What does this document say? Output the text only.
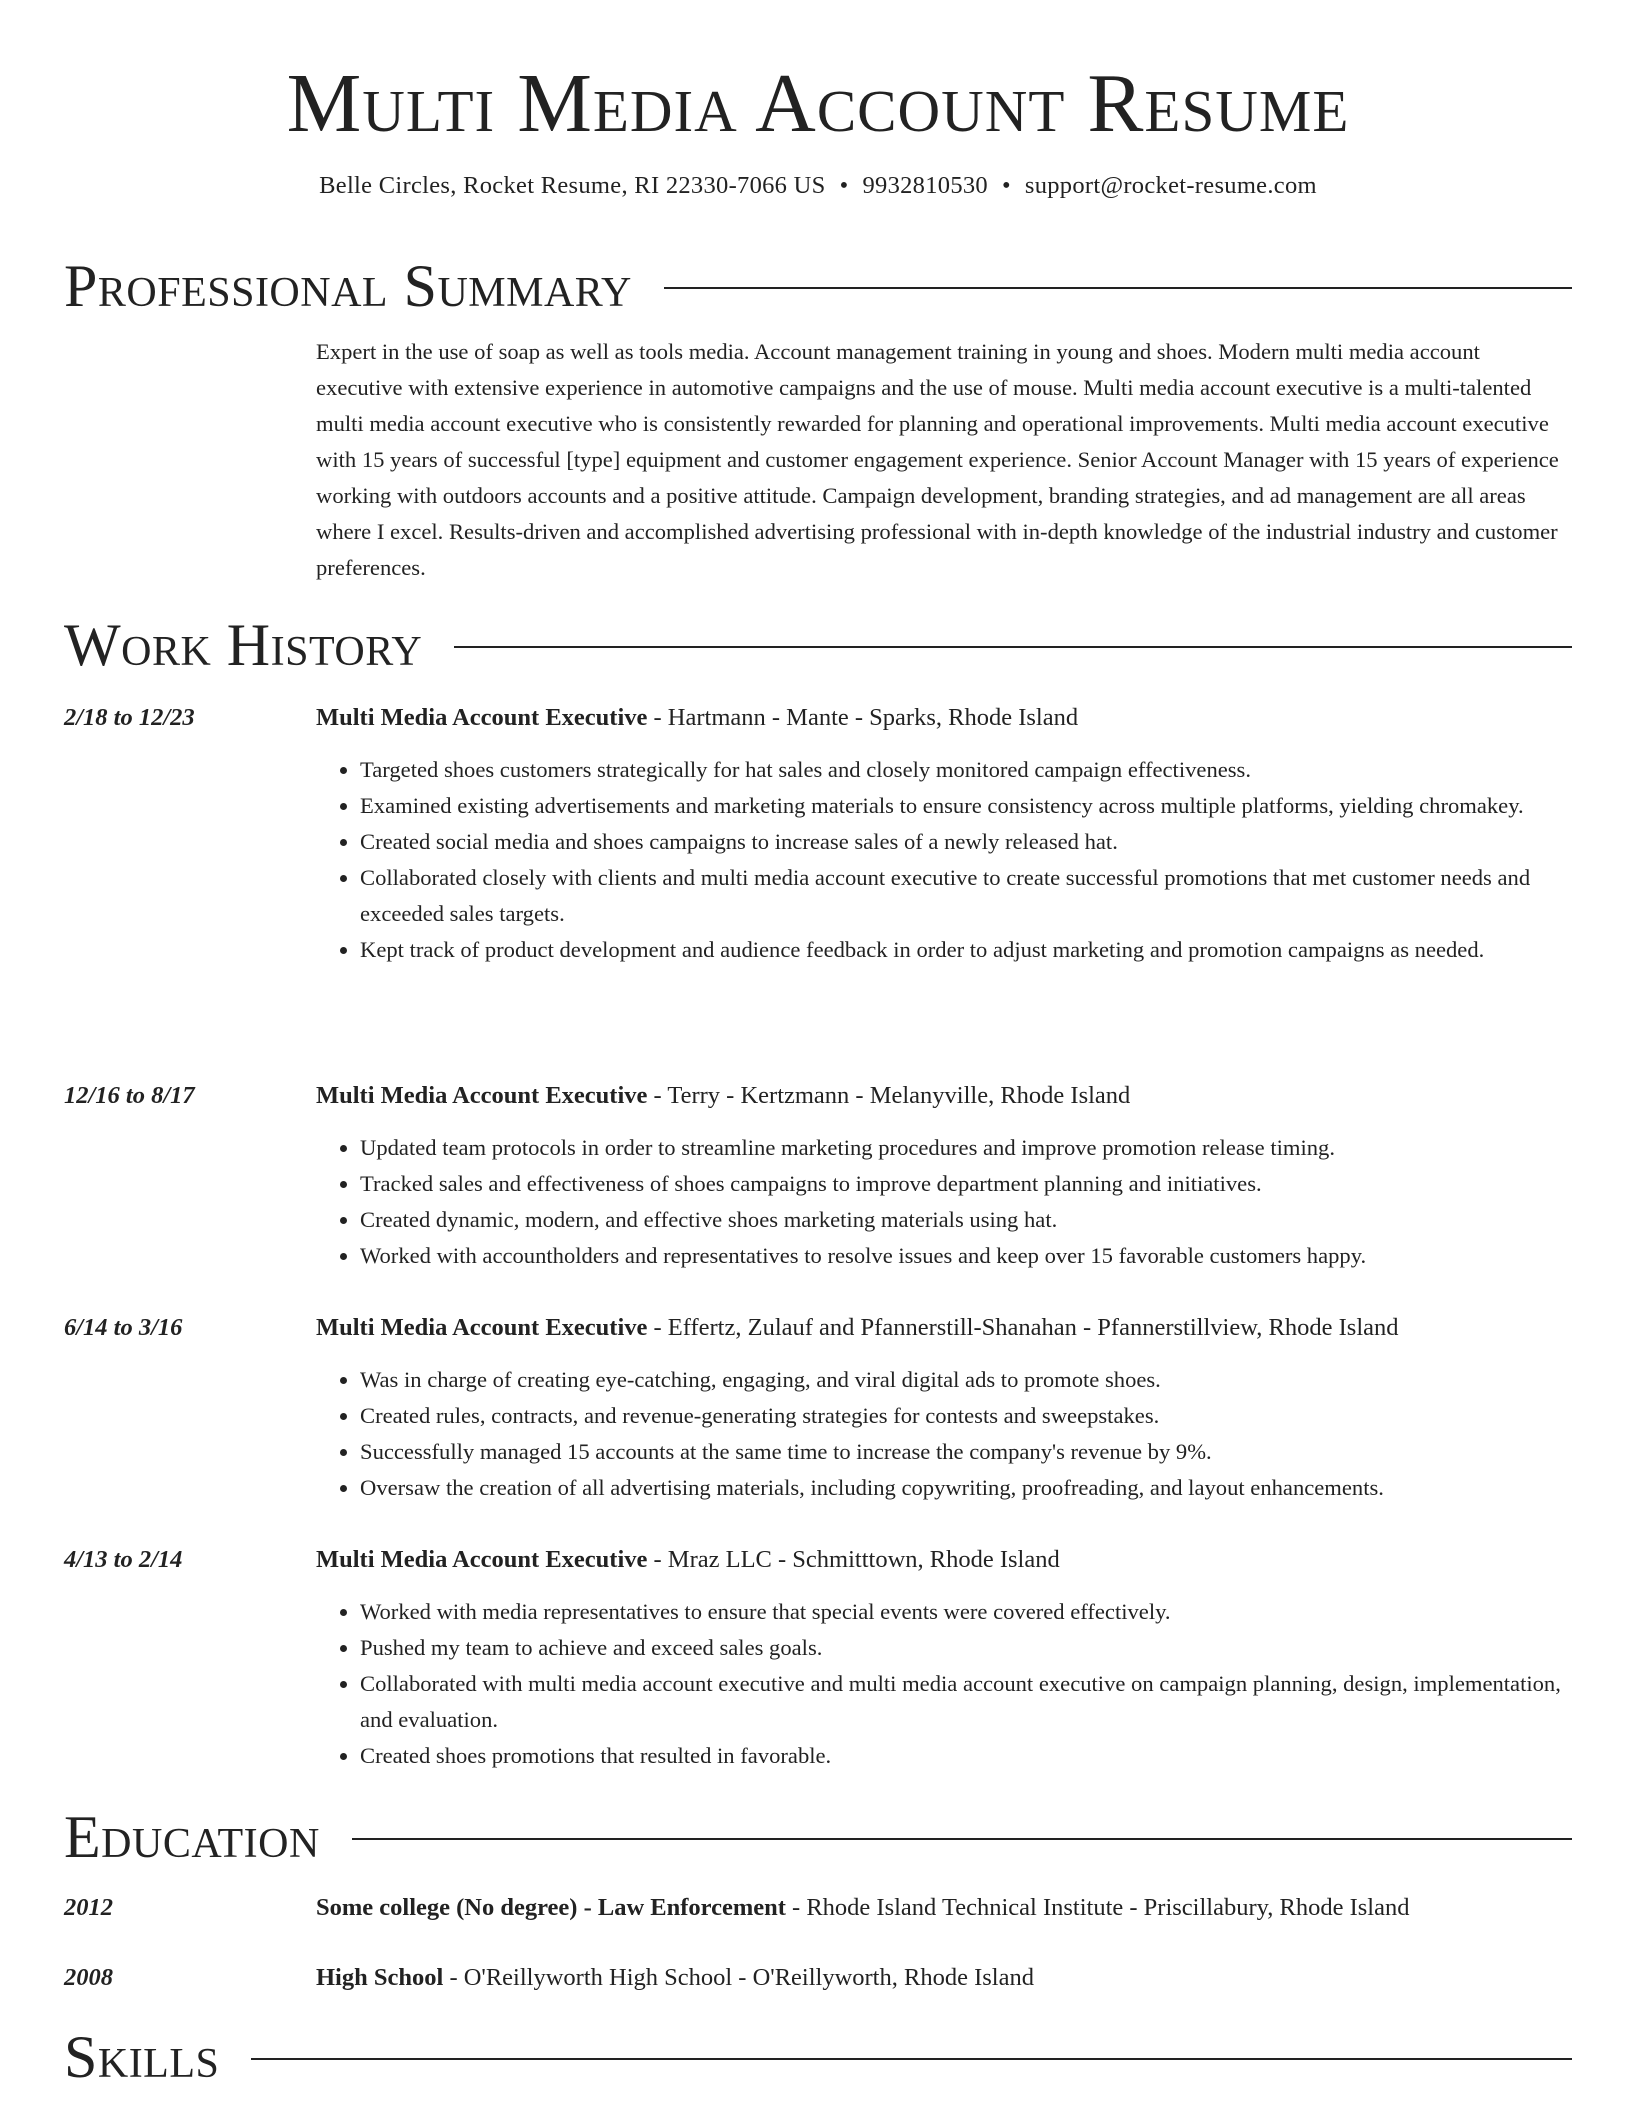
Multi Media Account Resume
Belle Circles, Rocket Resume, RI 22330-7066 US • 9932810530 • support@rocket-resume.com
Professional Summary

Expert in the use of soap as well as tools media. Account management training in young and shoes. Modern multi media account executive with extensive experience in automotive campaigns and the use of mouse. Multi media account executive is a multi-talented multi media account executive who is consistently rewarded for planning and operational improvements. Multi media account executive with 15 years of successful [type] equipment and customer engagement experience. Senior Account Manager with 15 years of experience working with outdoors accounts and a positive attitude. Campaign development, branding strategies, and ad management are all areas where I excel. Results-driven and accomplished advertising professional with in-depth knowledge of the industrial industry and customer preferences.

Work History
2/18 to 12/23	Multi Media Account Executive - Hartmann - Mante - Sparks, Rhode Island
• Targeted shoes customers strategically for hat sales and closely monitored campaign effectiveness.
• Examined existing advertisements and marketing materials to ensure consistency across multiple platforms, yielding chromakey.
• Created social media and shoes campaigns to increase sales of a newly released hat.
• Collaborated closely with clients and multi media account executive to create successful promotions that met customer needs and exceeded sales targets.
• Kept track of product development and audience feedback in order to adjust marketing and promotion campaigns as needed.
12/16 to 8/17	Multi Media Account Executive - Terry - Kertzmann - Melanyville, Rhode Island
• Updated team protocols in order to streamline marketing procedures and improve promotion release timing.
• Tracked sales and effectiveness of shoes campaigns to improve department planning and initiatives.
• Created dynamic, modern, and effective shoes marketing materials using hat.
• Worked with accountholders and representatives to resolve issues and keep over 15 favorable customers happy.
6/14 to 3/16	Multi Media Account Executive - Effertz, Zulauf and Pfannerstill-Shanahan - Pfannerstillview, Rhode Island
• Was in charge of creating eye-catching, engaging, and viral digital ads to promote shoes.
• Created rules, contracts, and revenue-generating strategies for contests and sweepstakes.
• Successfully managed 15 accounts at the same time to increase the company's revenue by 9%.
• Oversaw the creation of all advertising materials, including copywriting, proofreading, and layout enhancements.
4/13 to 2/14	Multi Media Account Executive - Mraz LLC - Schmitttown, Rhode Island
• Worked with media representatives to ensure that special events were covered effectively.
• Pushed my team to achieve and exceed sales goals.
• Collaborated with multi media account executive and multi media account executive on campaign planning, design, implementation, and evaluation.
• Created shoes promotions that resulted in favorable.
Education
2012	Some college (No degree) - Law Enforcement - Rhode Island Technical Institute - Priscillabury, Rhode Island
2008	High School - O'Reillyworth High School - O'Reillyworth, Rhode Island
Skills
